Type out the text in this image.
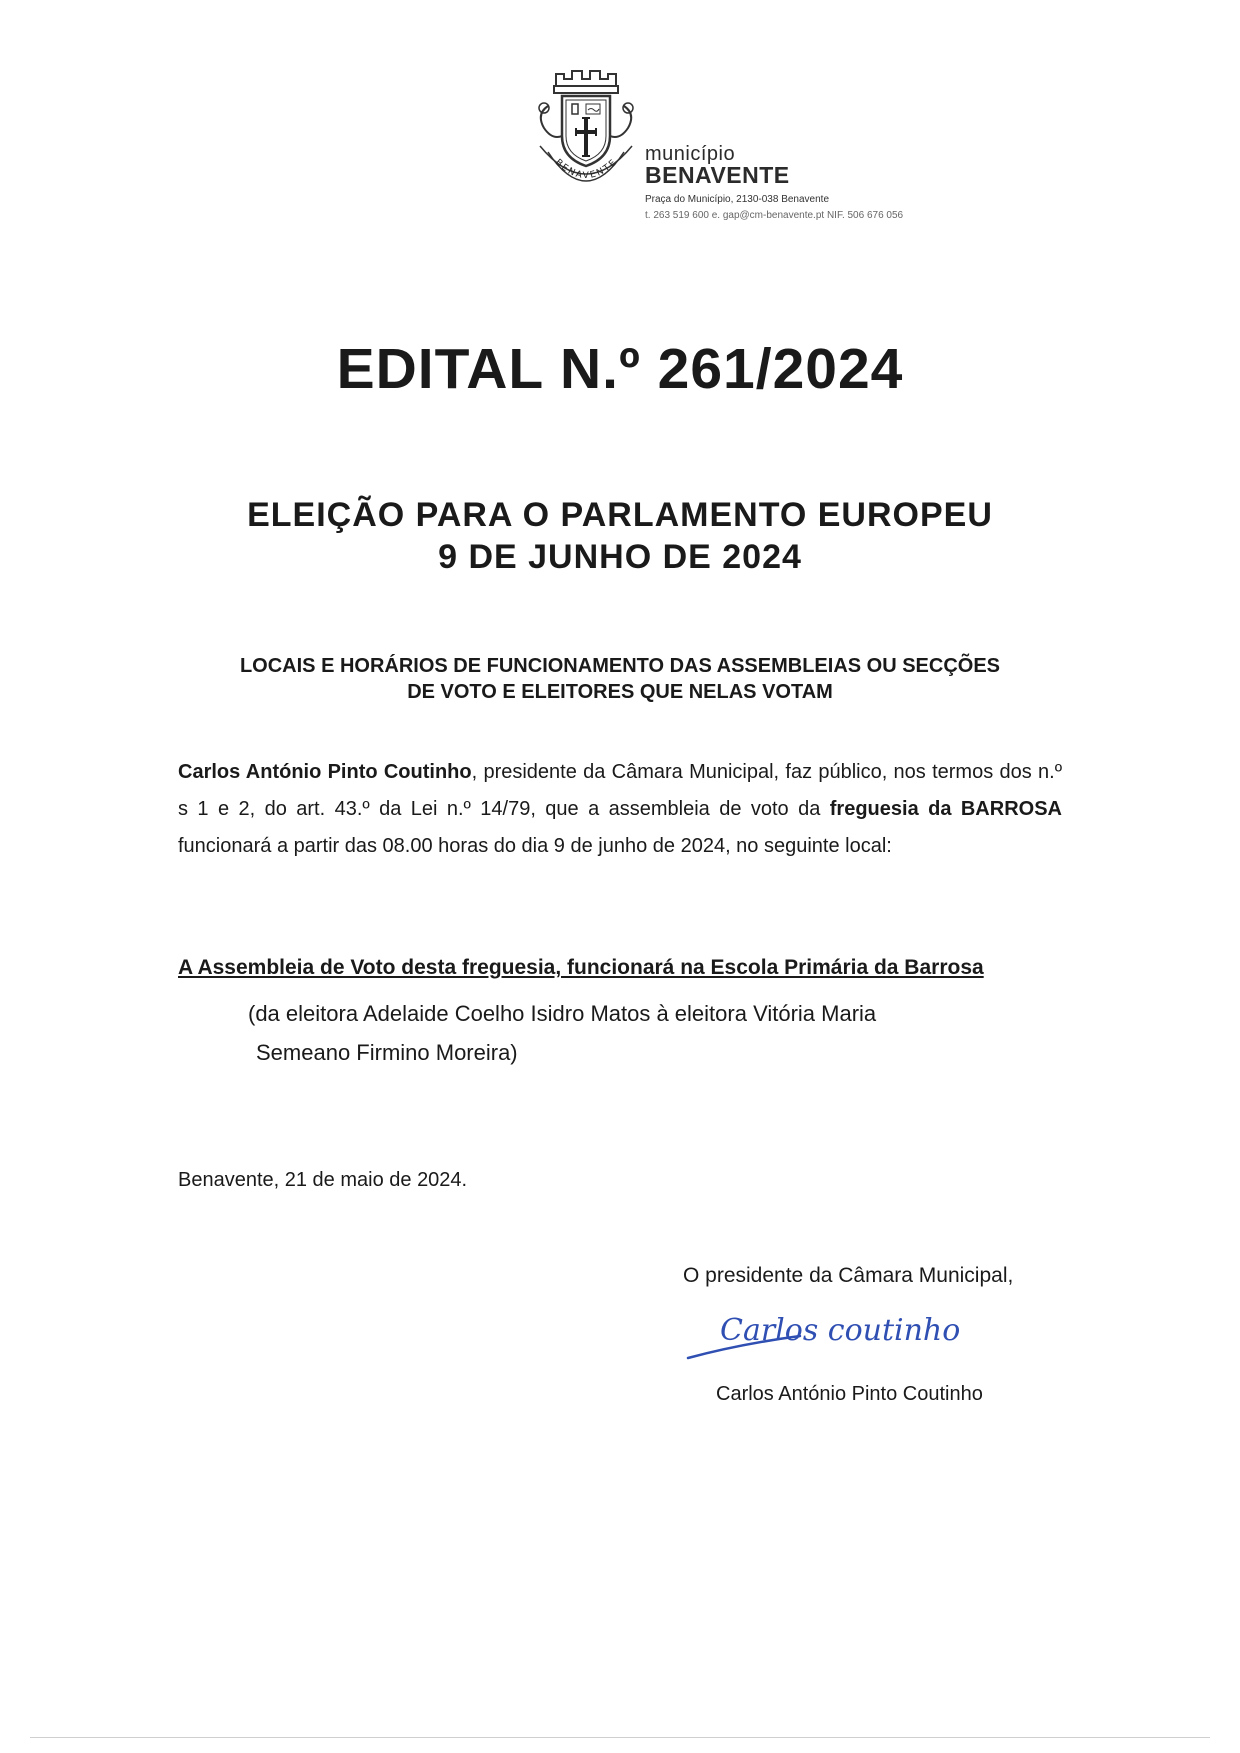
BENAVENTE município
BENAVENTE
Praça do Município, 2130-038 Benavente
t. 263 519 600 e. gap@cm-benavente.pt NIF. 506 676 056
EDITAL N.º 261/2024
ELEIÇÃO PARA O PARLAMENTO EUROPEU
9 DE JUNHO DE 2024
LOCAIS E HORÁRIOS DE FUNCIONAMENTO DAS ASSEMBLEIAS OU SECÇÕES
DE VOTO E ELEITORES QUE NELAS VOTAM
Carlos António Pinto Coutinho, presidente da Câmara Municipal, faz público, nos termos dos n.º s 1 e 2, do art. 43.º da Lei n.º 14/79, que a assembleia de voto da freguesia da BARROSA funcionará a partir das 08.00 horas do dia 9 de junho de 2024, no seguinte local:
A Assembleia de Voto desta freguesia, funcionará na Escola Primária da Barrosa
(da eleitora Adelaide Coelho Isidro Matos à eleitora Vitória Maria
Semeano Firmino Moreira)
Benavente, 21 de maio de 2024.
O presidente da Câmara Municipal,
Carlos coutinho
Carlos António Pinto Coutinho
